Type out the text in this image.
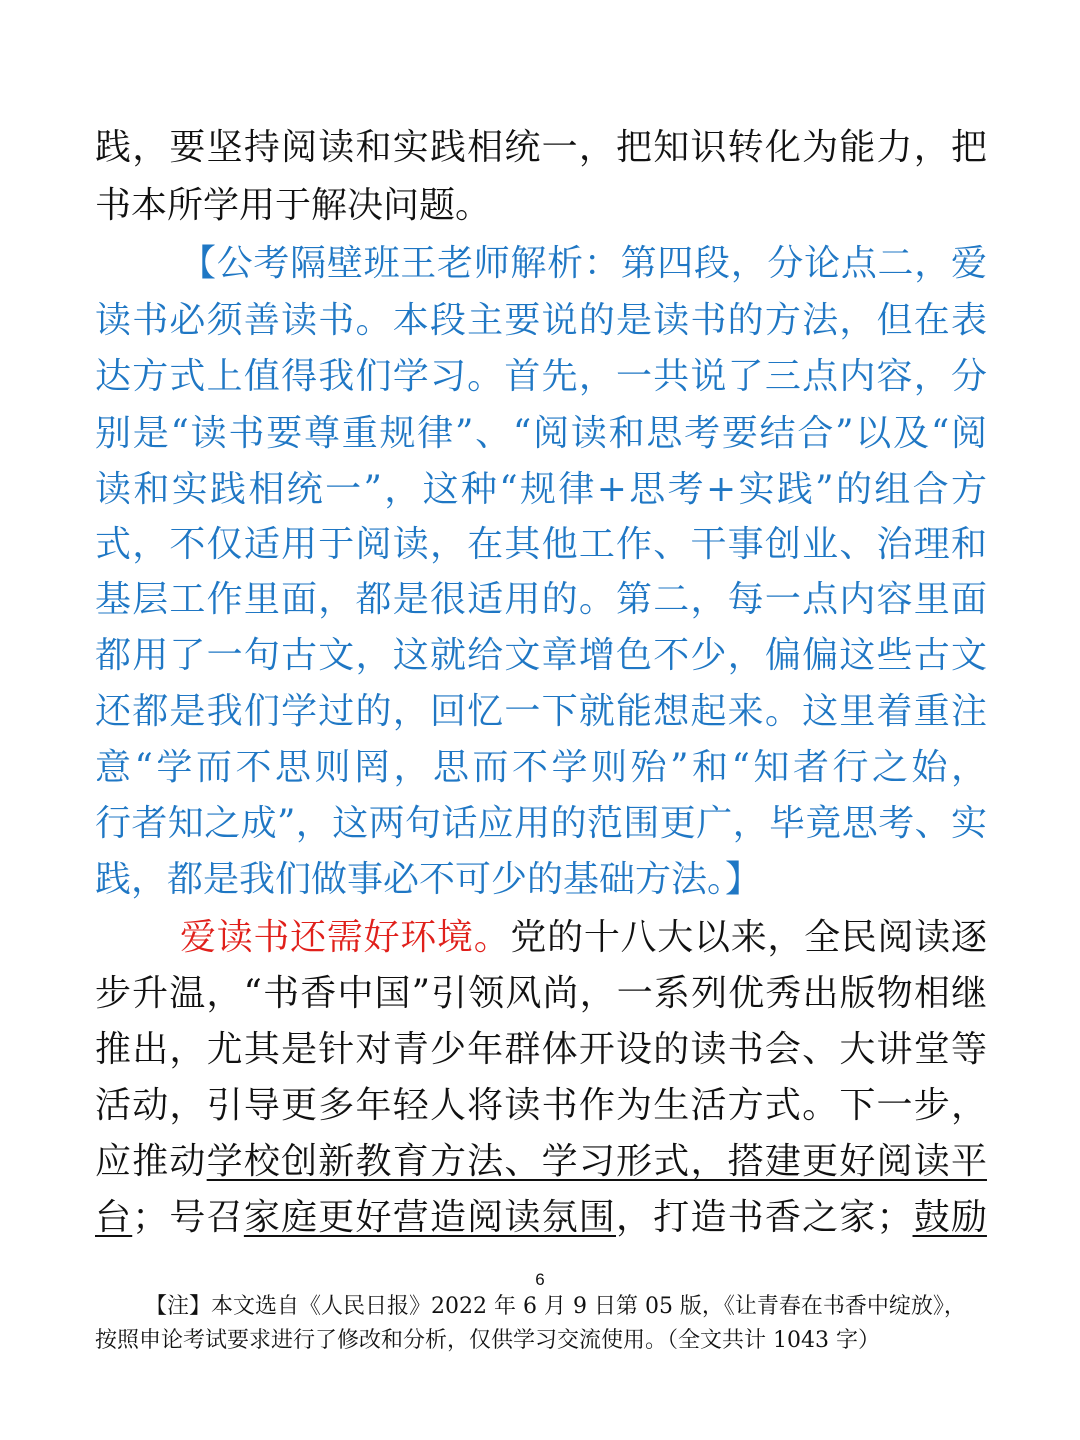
践，要坚持阅读和实践相统一，把知识转化为能力，把
书本所学用于解决问题。
【公考隔壁班王老师解析：第四段，分论点二，爱
读书必须善读书。本段主要说的是读书的方法，但在表
达方式上值得我们学习。首先，一共说了三点内容，分
别是“读书要尊重规律”、“阅读和思考要结合”以及“阅
读和实践相统一”，这种“规律+思考+实践”的组合方
式，不仅适用于阅读，在其他工作、干事创业、治理和
基层工作里面，都是很适用的。第二，每一点内容里面
都用了一句古文，这就给文章增色不少，偏偏这些古文
还都是我们学过的，回忆一下就能想起来。这里着重注
意“学而不思则罔，思而不学则殆”和“知者行之始，
行者知之成”，这两句话应用的范围更广，毕竟思考、实
践，都是我们做事必不可少的基础方法。】
爱读书还需好环境。党的十八大以来，全民阅读逐
步升温，“书香中国”引领风尚，一系列优秀出版物相继
推出，尤其是针对青少年群体开设的读书会、大讲堂等
活动，引导更多年轻人将读书作为生活方式。下一步，
应推动学校创新教育方法、学习形式，搭建更好阅读平
台；号召家庭更好营造阅读氛围，打造书香之家；鼓励
6
【注】本文选自《人民日报》2022 年 6 月 9 日第 05 版，《让青春在书香中绽放》，
按照申论考试要求进行了修改和分析，仅供学习交流使用。（全文共计 1043 字）
